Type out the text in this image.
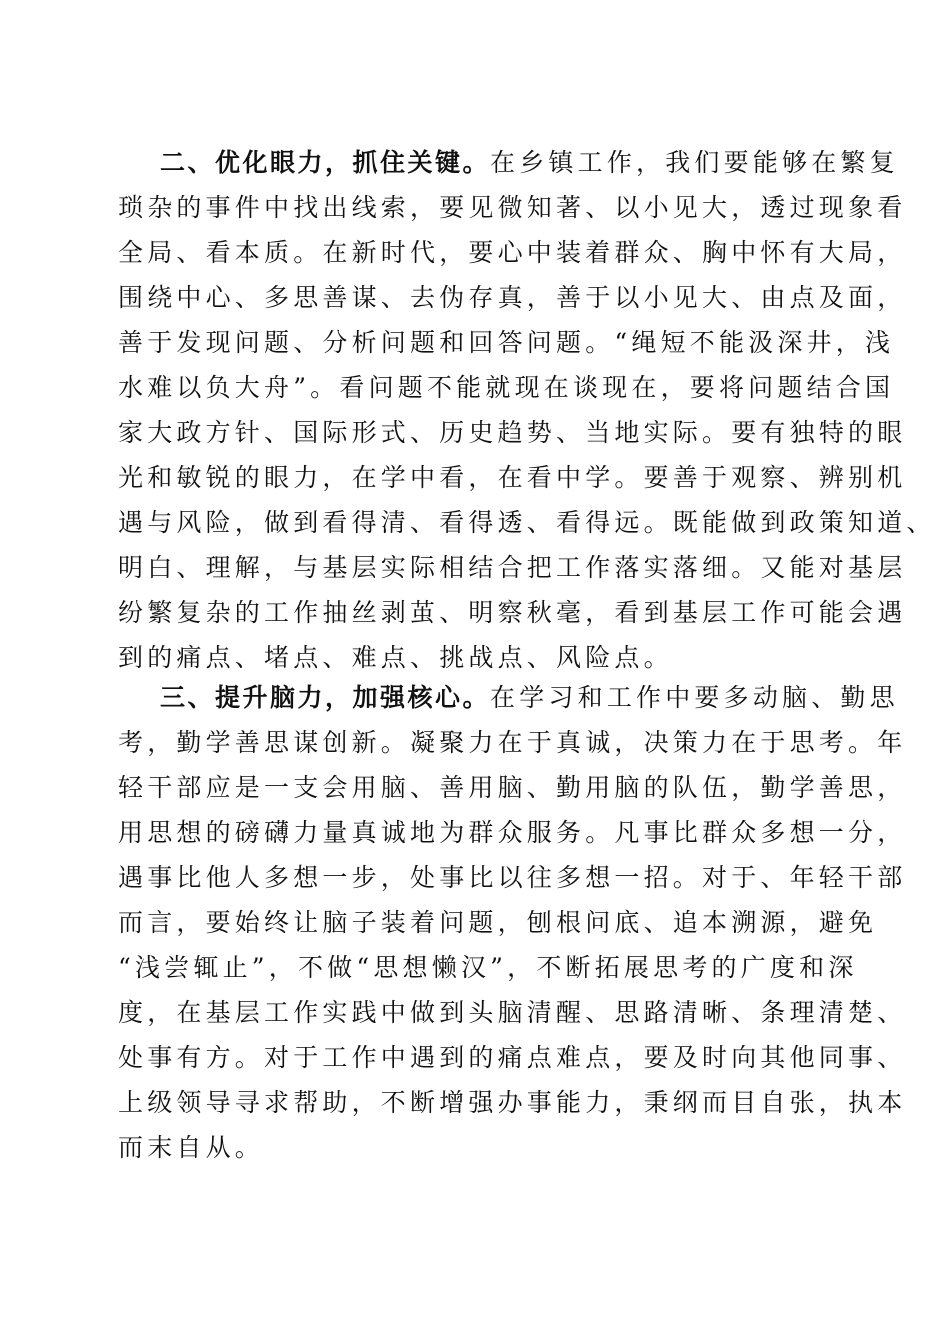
二、优化眼力，抓住关键。在乡镇工作，我们要能够在繁复
琐杂的事件中找出线索，要见微知著、以小见大，透过现象看
全局、看本质。在新时代，要心中装着群众、胸中怀有大局，
围绕中心、多思善谋、去伪存真，善于以小见大、由点及面，
善于发现问题、分析问题和回答问题。“绳短不能汲深井，浅
水难以负大舟”。看问题不能就现在谈现在，要将问题结合国
家大政方针、国际形式、历史趋势、当地实际。要有独特的眼
光和敏锐的眼力，在学中看，在看中学。要善于观察、辨别机
遇与风险，做到看得清、看得透、看得远。既能做到政策知道、
明白、理解，与基层实际相结合把工作落实落细。又能对基层
纷繁复杂的工作抽丝剥茧、明察秋毫，看到基层工作可能会遇
到的痛点、堵点、难点、挑战点、风险点。
三、提升脑力，加强核心。在学习和工作中要多动脑、勤思
考，勤学善思谋创新。凝聚力在于真诚，决策力在于思考。年
轻干部应是一支会用脑、善用脑、勤用脑的队伍，勤学善思，
用思想的磅礴力量真诚地为群众服务。凡事比群众多想一分，
遇事比他人多想一步，处事比以往多想一招。对于、年轻干部
而言，要始终让脑子装着问题，刨根问底、追本溯源，避免
“浅尝辄止”，不做“思想懒汉”，不断拓展思考的广度和深
度，在基层工作实践中做到头脑清醒、思路清晰、条理清楚、
处事有方。对于工作中遇到的痛点难点，要及时向其他同事、
上级领导寻求帮助，不断增强办事能力，秉纲而目自张，执本
而末自从。
